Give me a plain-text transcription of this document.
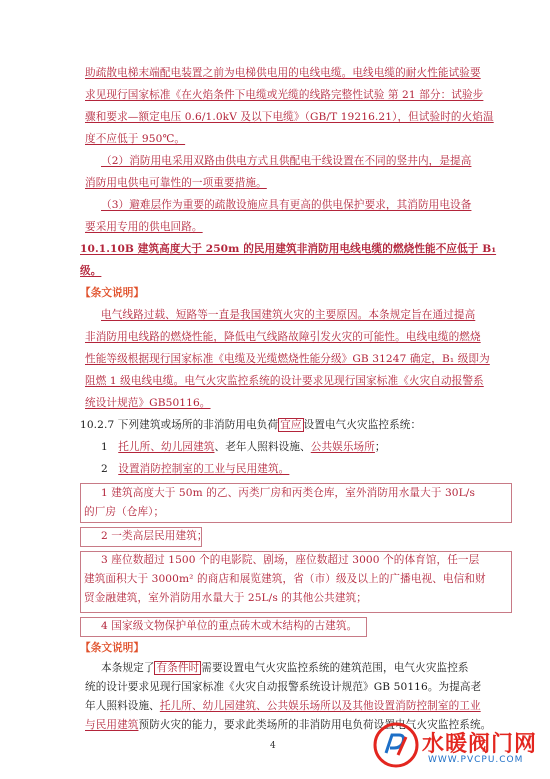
助疏散电梯末端配电装置之前为电梯供电用的电线电缆。电线电缆的耐火性能试验要
求见现行国家标准《在火焰条件下电缆或光缆的线路完整性试验 第 21 部分：试验步
骤和要求—额定电压 0.6/1.0kV 及以下电缆》（GB/T 19216.21），但试验时的火焰温
度不应低于 950℃。
（2）消防用电采用双路由供电方式且供配电干线设置在不同的竖井内，是提高
消防用电供电可靠性的一项重要措施。
（3）避难层作为重要的疏散设施应具有更高的供电保护要求，其消防用电设备
要采用专用的供电回路。
10.1.10B 建筑高度大于 250m 的民用建筑非消防用电线电缆的燃烧性能不应低于 B₁
级。
【条文说明】
电气线路过载、短路等一直是我国建筑火灾的主要原因。本条规定旨在通过提高
非消防用电线路的燃烧性能，降低电气线路故障引发火灾的可能性。电线电缆的燃烧
性能等级根据现行国家标准《电缆及光缆燃烧性能分级》GB 31247 确定，B₁ 级即为
阻燃 1 级电线电缆。电气火灾监控系统的设计要求见现行国家标准《火灾自动报警系
统设计规范》GB50116。
10.2.7 下列建筑或场所的非消防用电负荷 宜应 设置电气火灾监控系统：
1 托儿所、幼儿园建筑、老年人照料设施、公共娱乐场所；
2 设置消防控制室的工业与民用建筑。
1 建筑高度大于 50m 的乙、丙类厂房和丙类仓库，室外消防用水量大于 30L/s
的厂房（仓库）；
2 一类高层民用建筑；
3 座位数超过 1500 个的电影院、剧场，座位数超过 3000 个的体育馆，任一层
建筑面积大于 3000m² 的商店和展览建筑，省（市）级及以上的广播电视、电信和财
贸金融建筑，室外消防用水量大于 25L/s 的其他公共建筑；
4 国家级文物保护单位的重点砖木或木结构的古建筑。
【条文说明】
本条规定了 有条件时 需要设置电气火灾监控系统的建筑范围，电气火灾监控系
统的设计要求见现行国家标准《火灾自动报警系统设计规范》GB 50116。为提高老
年人照料设施、托儿所、幼儿园建筑、公共娱乐场所以及其他设置消防控制室的工业
与民用建筑预防火灾的能力，要求此类场所的非消防用电负荷设置电气火灾监控系统。
4	水暖阀门网
WWW.PVCPU.COM
